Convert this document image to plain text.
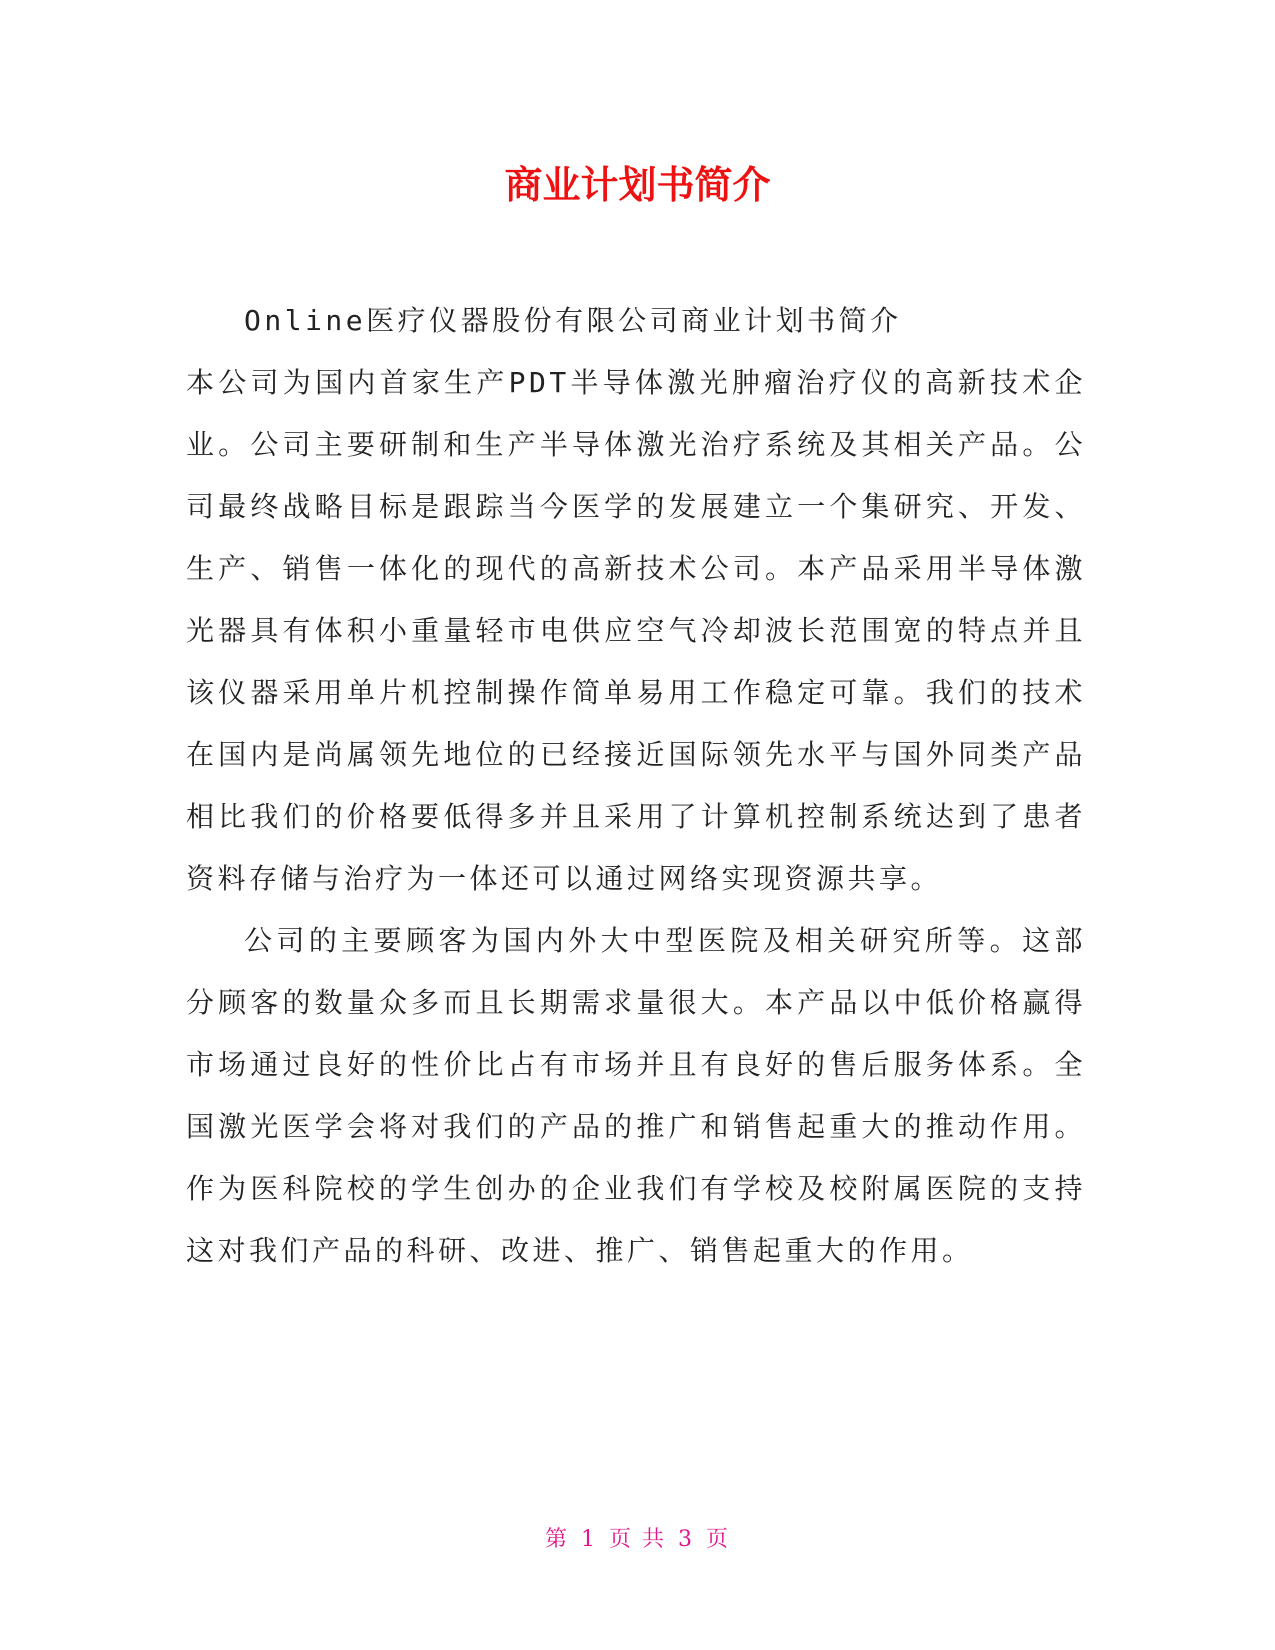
商业计划书简介

Online医疗仪器股份有限公司商业计划书简介

本公司为国内首家生产PDT半导体激光肿瘤治疗仪的高新技术企业。公司主要研制和生产半导体激光治疗系统及其相关产品。公司最终战略目标是跟踪当今医学的发展建立一个集研究、开发、生产、销售一体化的现代的高新技术公司。本产品采用半导体激光器具有体积小重量轻市电供应空气冷却波长范围宽的特点并且该仪器采用单片机控制操作简单易用工作稳定可靠。我们的技术在国内是尚属领先地位的已经接近国际领先水平与国外同类产品相比我们的价格要低得多并且采用了计算机控制系统达到了患者资料存储与治疗为一体还可以通过网络实现资源共享。

公司的主要顾客为国内外大中型医院及相关研究所等。这部分顾客的数量众多而且长期需求量很大。本产品以中低价格赢得市场通过良好的性价比占有市场并且有良好的售后服务体系。全国激光医学会将对我们的产品的推广和销售起重大的推动作用。作为医科院校的学生创办的企业我们有学校及校附属医院的支持这对我们产品的科研、改进、推广、销售起重大的作用。

第 1 页 共 3 页
